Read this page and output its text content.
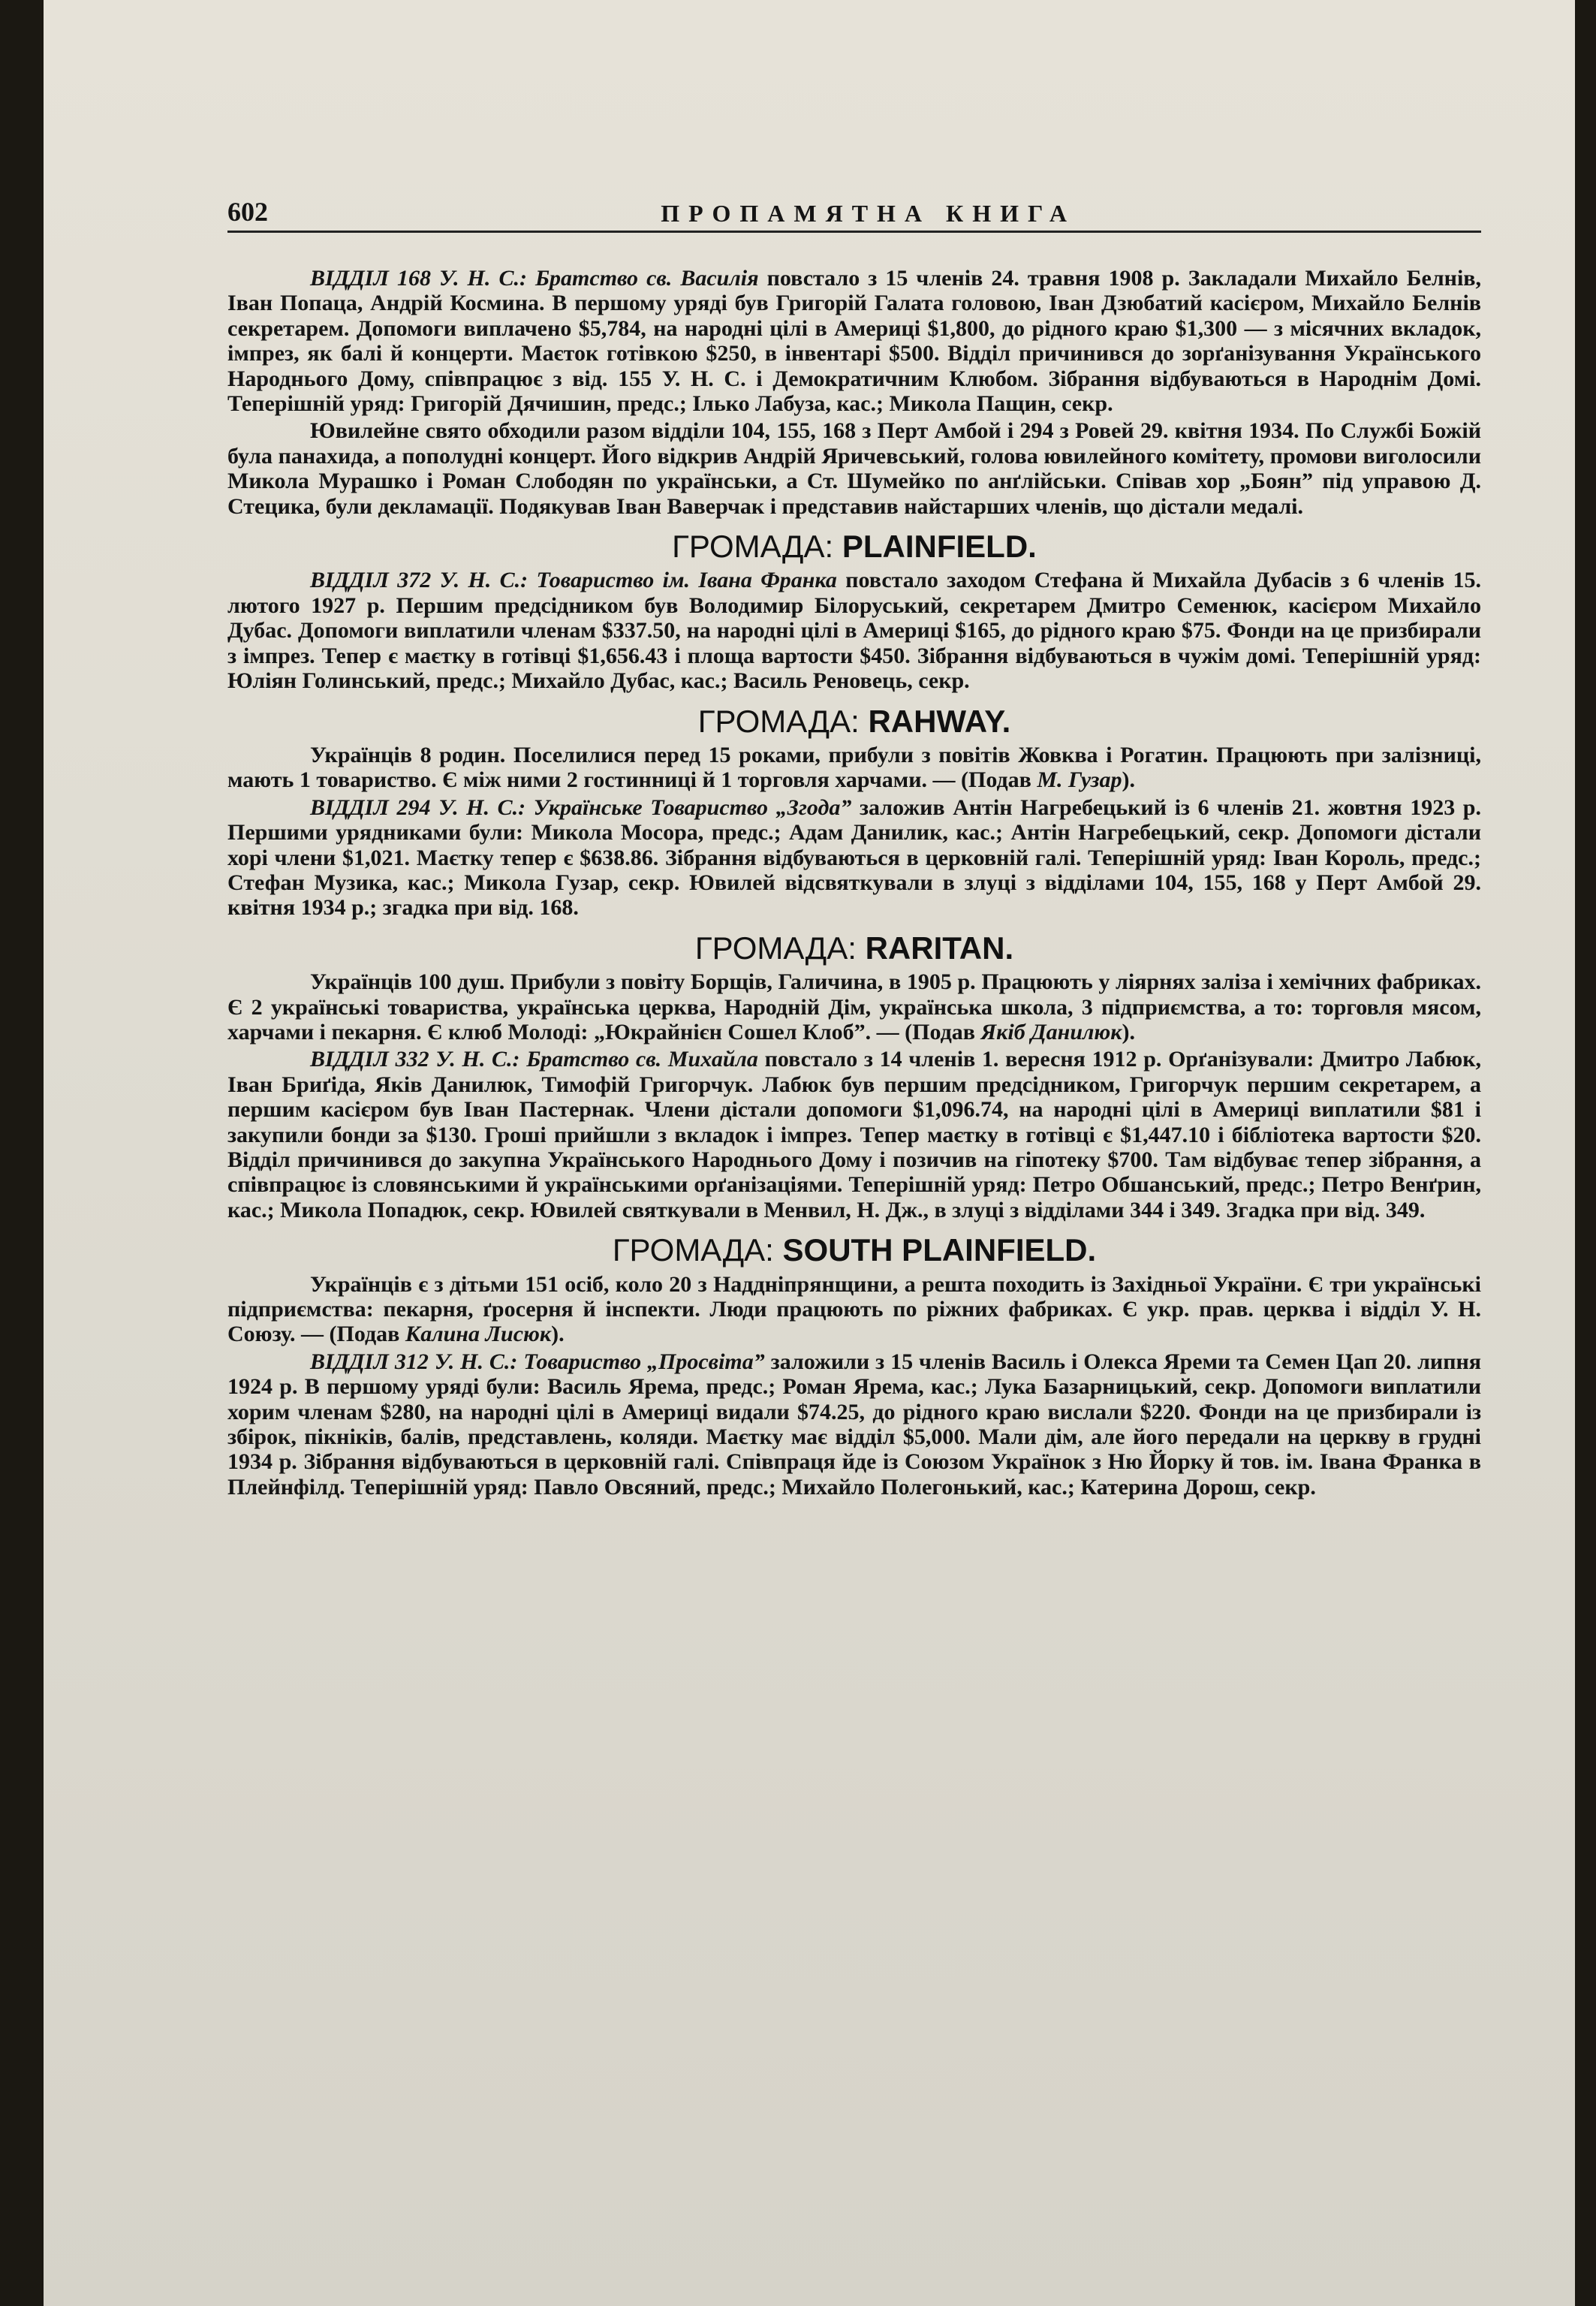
602	ПРОПАМЯТНА КНИГА

ВІДДІЛ 168 У. Н. С.: Братство св. Василія повстало з 15 членів 24. травня 1908 р. Закладали Михайло Белнів, Іван Попаца, Андрій Космина. В першому уряді був Григорій Галата головою, Іван Дзюбатий касієром, Михайло Белнів секретарем. Допомоги виплачено $5,784, на народні цілі в Америці $1,800, до рідного краю $1,300 — з місячних вкладок, імпрез, як балі й концерти. Маєток готівкою $250, в інвентарі $500. Відділ причинився до зорґанізування Українського Народнього Дому, співпрацює з від. 155 У. Н. С. і Демократичним Клюбом. Зібрання відбуваються в Народнім Домі. Теперішній уряд: Григорій Дячишин, предс.; Ілько Лабуза, кас.; Микола Пащин, секр.

Ювилейне свято обходили разом відділи 104, 155, 168 з Перт Амбой і 294 з Ровей 29. квітня 1934. По Службі Божій була панахида, а пополудні концерт. Його відкрив Андрій Яричевський, голова ювилейного комітету, промови виголосили Микола Мурашко і Роман Слободян по українськи, а Ст. Шумейко по анґлійськи. Співав хор „Боян” під управою Д. Стецика, були декламації. Подякував Іван Ваверчак і представив найстарших членів, що дістали медалі.

ГРОМАДА: PLAINFIELD.

ВІДДІЛ 372 У. Н. С.: Товариство ім. Івана Франка повстало заходом Стефана й Михайла Дубасів з 6 членів 15. лютого 1927 р. Першим предсідником був Володимир Білоруський, секретарем Дмитро Семенюк, касієром Михайло Дубас. Допомоги виплатили членам $337.50, на народні цілі в Америці $165, до рідного краю $75. Фонди на це призбирали з імпрез. Тепер є маєтку в готівці $1,656.43 і площа вартости $450. Зібрання відбуваються в чужім домі. Теперішній уряд: Юліян Голинський, предс.; Михайло Дубас, кас.; Василь Реновець, секр.

ГРОМАДА: RAHWAY.

Українців 8 родин. Поселилися перед 15 роками, прибули з повітів Жовква і Рогатин. Працюють при залізниці, мають 1 товариство. Є між ними 2 гостинниці й 1 торговля харчами. — (Подав М. Гузар).

ВІДДІЛ 294 У. Н. С.: Українське Товариство „Згода” заложив Антін Нагребецький із 6 членів 21. жовтня 1923 р. Першими урядниками були: Микола Мосора, предс.; Адам Данилик, кас.; Антін Нагребецький, секр. Допомоги дістали хорі члени $1,021. Маєтку тепер є $638.86. Зібрання відбуваються в церковній галі. Теперішній уряд: Іван Король, предс.; Стефан Музика, кас.; Микола Гузар, секр. Ювилей відсвяткували в злуці з відділами 104, 155, 168 у Перт Амбой 29. квітня 1934 р.; згадка при від. 168.

ГРОМАДА: RARITAN.

Українців 100 душ. Прибули з повіту Борщів, Галичина, в 1905 р. Працюють у ліярнях заліза і хемічних фабриках. Є 2 українські товариства, українська церква, Народній Дім, українська школа, 3 підприємства, а то: торговля мясом, харчами і пекарня. Є клюб Молоді: „Юкрайнієн Сошел Клоб”. — (Подав Якіб Данилюк).

ВІДДІЛ 332 У. Н. С.: Братство св. Михайла повстало з 14 членів 1. вересня 1912 р. Орґанізували: Дмитро Лабюк, Іван Бриґіда, Яків Данилюк, Тимофій Григорчук. Лабюк був першим предсідником, Григорчук першим секретарем, а першим касієром був Іван Пастернак. Члени дістали допомоги $1,096.74, на народні цілі в Америці виплатили $81 і закупили бонди за $130. Гроші прийшли з вкладок і імпрез. Тепер маєтку в готівці є $1,447.10 і бібліотека вартости $20. Відділ причинився до закупна Українського Народнього Дому і позичив на гіпотеку $700. Там відбуває тепер зібрання, а співпрацює із словянськими й українськими орґанізаціями. Теперішній уряд: Петро Обшанський, предс.; Петро Венґрин, кас.; Микола Попадюк, секр. Ювилей святкували в Менвил, Н. Дж., в злуці з відділами 344 і 349. Згадка при від. 349.

ГРОМАДА: SOUTH PLAINFIELD.

Українців є з дітьми 151 осіб, коло 20 з Наддніпрянщини, а решта походить із Західньої України. Є три українські підприємства: пекарня, ґросерня й інспекти. Люди працюють по ріжних фабриках. Є укр. прав. церква і відділ У. Н. Союзу. — (Подав Калина Лисюк).

ВІДДІЛ 312 У. Н. С.: Товариство „Просвіта” заложили з 15 членів Василь і Олекса Яреми та Семен Цап 20. липня 1924 р. В першому уряді були: Василь Ярема, предс.; Роман Ярема, кас.; Лука Базарницький, секр. Допомоги виплатили хорим членам $280, на народні цілі в Америці видали $74.25, до рідного краю вислали $220. Фонди на це призбирали із збірок, пікніків, балів, представлень, коляди. Маєтку має відділ $5,000. Мали дім, але його передали на церкву в грудні 1934 р. Зібрання відбуваються в церковній галі. Співпраця йде із Союзом Українок з Ню Йорку й тов. ім. Івана Франка в Плейнфілд. Теперішній уряд: Павло Овсяний, предс.; Михайло Полегонький, кас.; Катерина Дорош, секр.
